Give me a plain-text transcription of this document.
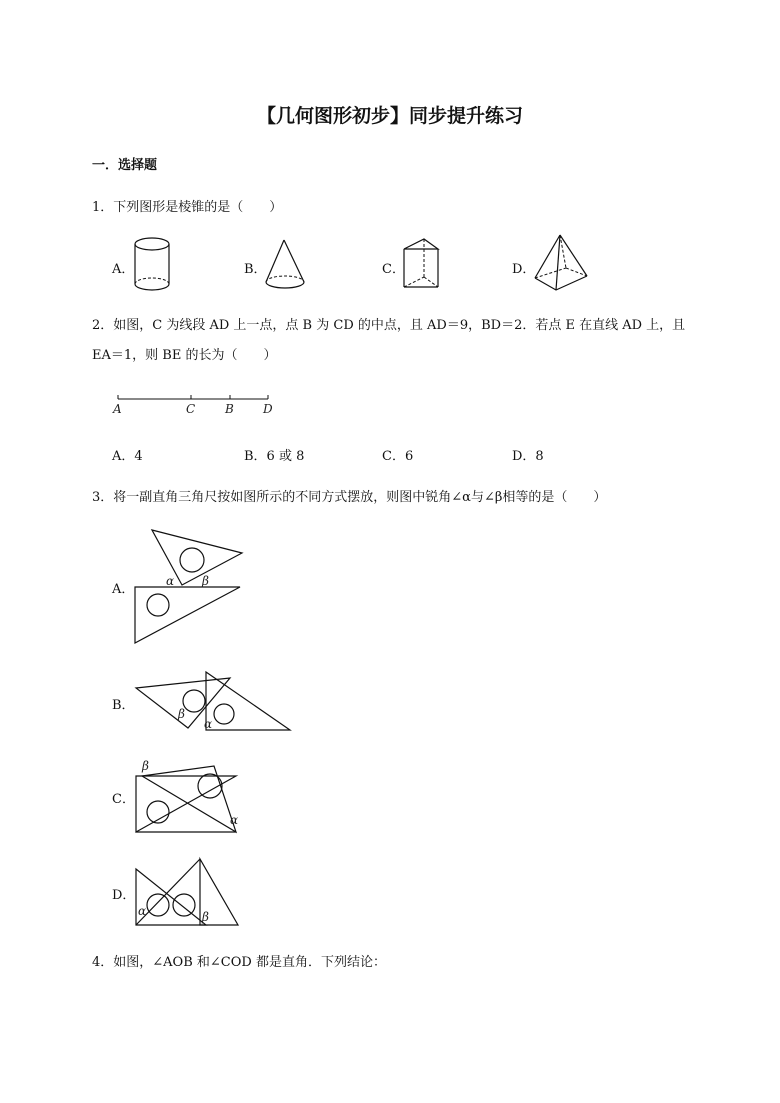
【几何图形初步】同步提升练习
一．选择题
1．下列图形是棱锥的是（　　）
A．	B．	C．	D．
2．如图，C 为线段 AD 上一点，点 B 为 CD 的中点，且 AD＝9，BD＝2．若点 E 在直线 AD 上，且
EA＝1，则 BE 的长为（　　）
A	C B D
A．4	B．6 或 8	C．6	D．8
3．将一副直角三角尺按如图所示的不同方式摆放，则图中锐角∠α与∠β相等的是（　　）
A．
α β
B．
β
α
C．
β
α
D．
α	β
4．如图，∠AOB 和∠COD 都是直角．下列结论：
